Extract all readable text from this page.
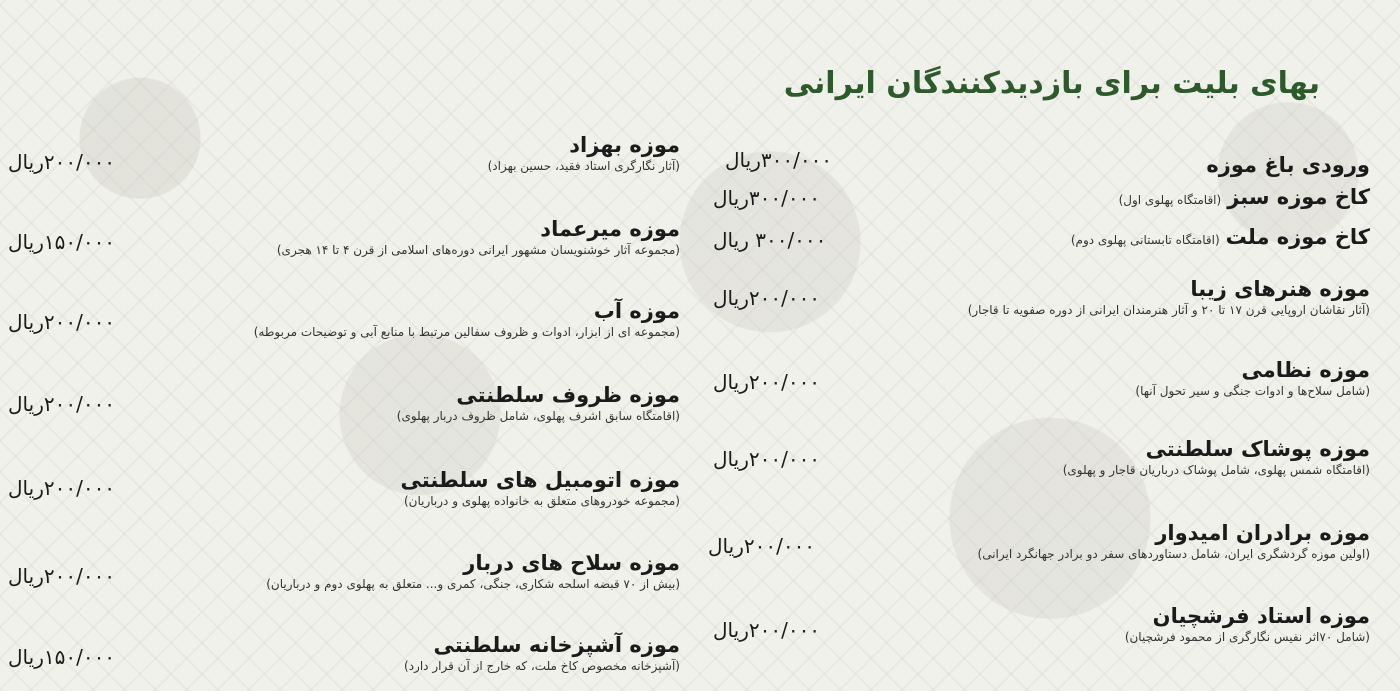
بهای بلیت برای بازدیدکنندگان ایرانی
ورودی باغ موزه
۳۰۰/۰۰۰ریال
کاخ موزه سبز(اقامتگاه پهلوی اول)
۳۰۰/۰۰۰ریال
کاخ موزه ملت(اقامتگاه تابستانی پهلوی دوم)
۳۰۰/۰۰۰ ریال
موزه هنرهای زیبا
(آثار نقاشان اروپایی قرن ۱۷ تا ۲۰ و آثار هنرمندان ایرانی از دوره صفویه تا قاجار)
۲۰۰/۰۰۰ریال
موزه نظامی
(شامل سلاح‌ها و ادوات جنگی و سیر تحول آنها)
۲۰۰/۰۰۰ریال
موزه پوشاک سلطنتی
(اقامتگاه شمس پهلوی، شامل پوشاک درباریان قاجار و پهلوی)
۲۰۰/۰۰۰ریال
موزه برادران امیدوار
(اولین موزه گردشگری ایران، شامل دستاوردهای سفر دو برادر جهانگرد ایرانی)
۲۰۰/۰۰۰ریال
موزه استاد فرشچیان
(شامل ۷۰اثر نفیس نگارگری از محمود فرشچیان)
۲۰۰/۰۰۰ریال
موزه بهزاد
(آثار نگارگری استاد فقید، حسین بهزاد)
۲۰۰/۰۰۰ریال
موزه میرعماد
(مجموعه آثار خوشنویسان مشهور ایرانی دوره‌های اسلامی از قرن ۴ تا ۱۴ هجری)
۱۵۰/۰۰۰ریال
موزه آب
(مجموعه ای از ابزار، ادوات و ظروف سفالین مرتبط با منابع آبی و توضیحات مربوطه)
۲۰۰/۰۰۰ریال
موزه ظروف سلطنتی
(اقامتگاه سابق اشرف پهلوی، شامل ظروف دربار پهلوی)
۲۰۰/۰۰۰ریال
موزه اتومبیل های سلطنتی
(مجموعه خودروهای متعلق به خانواده پهلوی و درباریان)
۲۰۰/۰۰۰ریال
موزه سلاح های دربار
(بیش از ۷۰ قبضه اسلحه شکاری، جنگی، کمری و... متعلق به پهلوی دوم و درباریان)
۲۰۰/۰۰۰ریال
موزه آشپزخانه سلطنتی
(آشپزخانه مخصوص کاخ ملت، که خارج از آن قرار دارد)
۱۵۰/۰۰۰ریال
